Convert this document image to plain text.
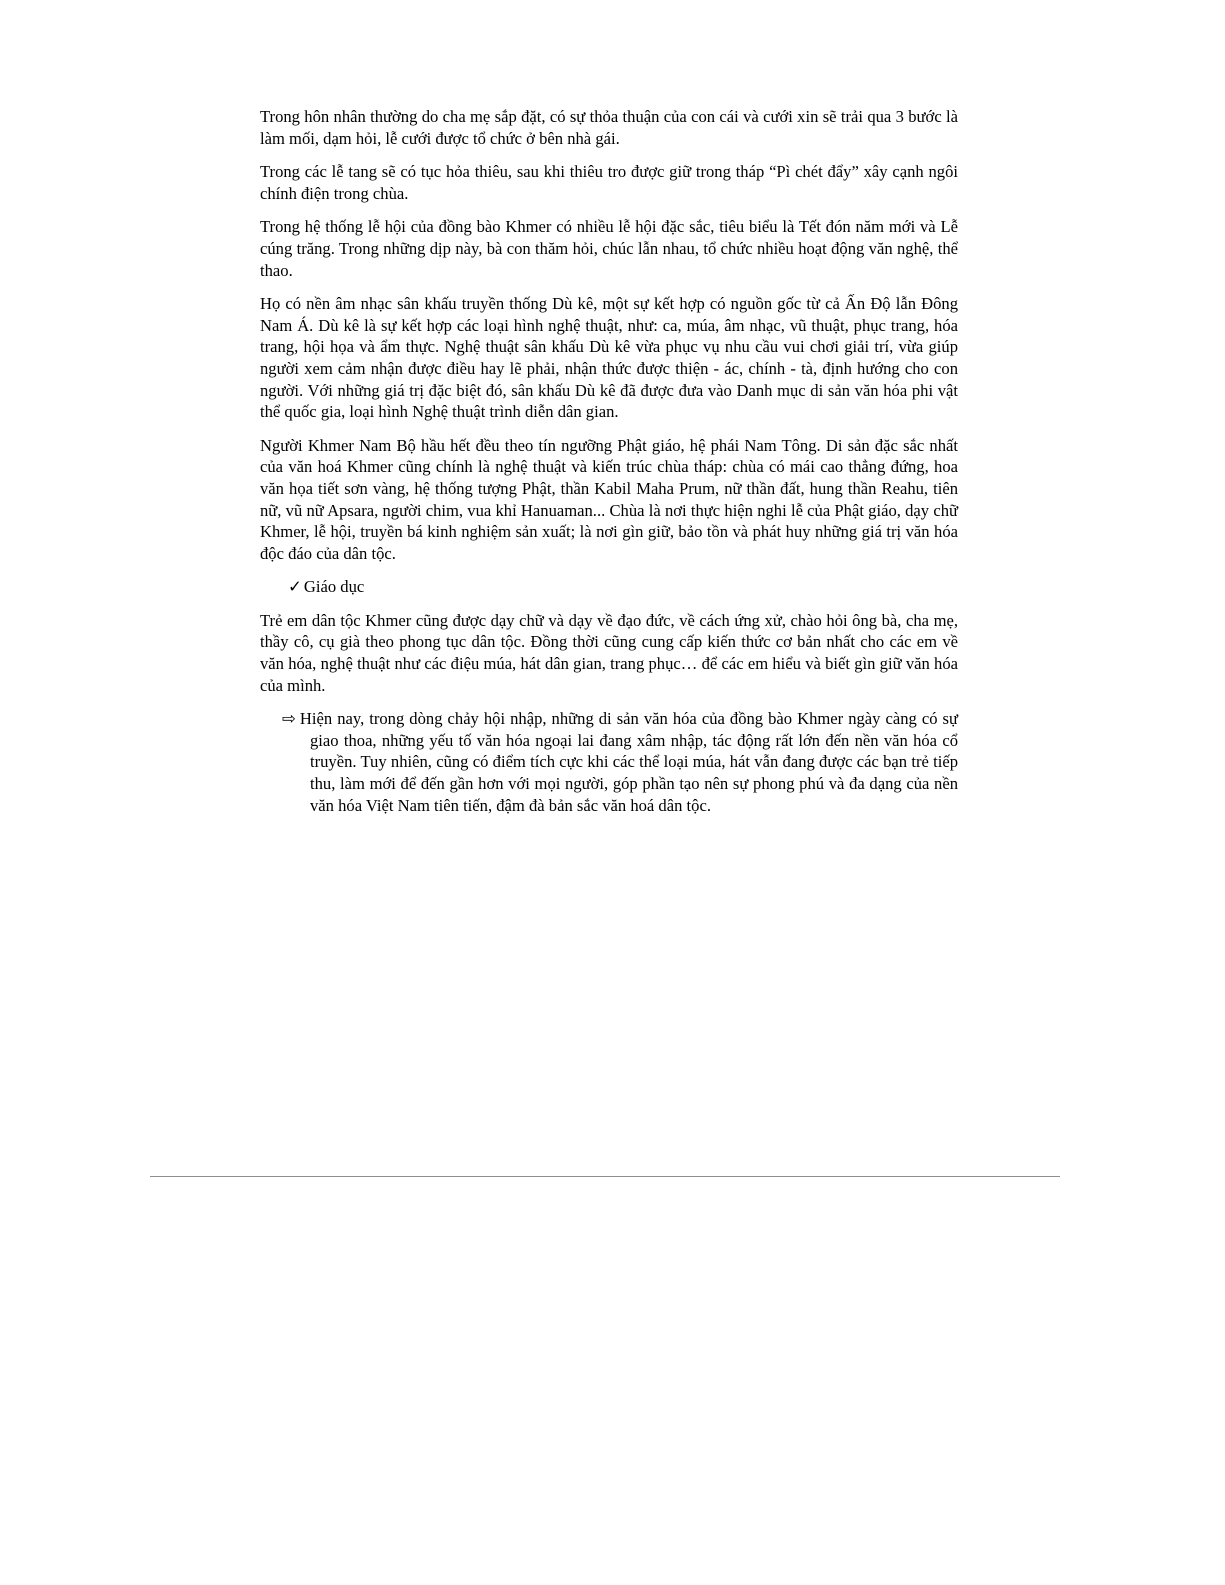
Trong hôn nhân thường do cha mẹ sắp đặt, có sự thỏa thuận của con cái và cưới xin sẽ trải qua 3 bước là làm mối, dạm hỏi, lễ cưới được tổ chức ở bên nhà gái.

Trong các lễ tang sẽ có tục hỏa thiêu, sau khi thiêu tro được giữ trong tháp “Pì chét đẩy” xây cạnh ngôi chính điện trong chùa.

Trong hệ thống lễ hội của đồng bào Khmer có nhiều lễ hội đặc sắc, tiêu biểu là Tết đón năm mới và Lễ cúng trăng. Trong những dịp này, bà con thăm hỏi, chúc lẫn nhau, tổ chức nhiều hoạt động văn nghệ, thể thao.

Họ có nền âm nhạc sân khấu truyền thống Dù kê, một sự kết hợp có nguồn gốc từ cả Ấn Độ lẫn Đông Nam Á. Dù kê là sự kết hợp các loại hình nghệ thuật, như: ca, múa, âm nhạc, vũ thuật, phục trang, hóa trang, hội họa và ẩm thực. Nghệ thuật sân khấu Dù kê vừa phục vụ nhu cầu vui chơi giải trí, vừa giúp người xem cảm nhận được điều hay lẽ phải, nhận thức được thiện - ác, chính - tà, định hướng cho con người. Với những giá trị đặc biệt đó, sân khấu Dù kê đã được đưa vào Danh mục di sản văn hóa phi vật thể quốc gia, loại hình Nghệ thuật trình diễn dân gian.

Người Khmer Nam Bộ hầu hết đều theo tín ngưỡng Phật giáo, hệ phái Nam Tông. Di sản đặc sắc nhất của văn hoá Khmer cũng chính là nghệ thuật và kiến trúc chùa tháp: chùa có mái cao thẳng đứng, hoa văn họa tiết sơn vàng, hệ thống tượng Phật, thần Kabil Maha Prum, nữ thần đất, hung thần Reahu, tiên nữ, vũ nữ Apsara, người chim, vua khỉ Hanuaman... Chùa là nơi thực hiện nghi lễ của Phật giáo, dạy chữ Khmer, lễ hội, truyền bá kinh nghiệm sản xuất; là nơi gìn giữ, bảo tồn và phát huy những giá trị văn hóa độc đáo của dân tộc.

✓ Giáo dục

Trẻ em dân tộc Khmer cũng được dạy chữ và dạy về đạo đức, về cách ứng xử, chào hỏi ông bà, cha mẹ, thầy cô, cụ già theo phong tục dân tộc. Đồng thời cũng cung cấp kiến thức cơ bản nhất cho các em về văn hóa, nghệ thuật như các điệu múa, hát dân gian, trang phục… để các em hiểu và biết gìn giữ văn hóa của mình.

⇨ Hiện nay, trong dòng chảy hội nhập, những di sản văn hóa của đồng bào Khmer ngày càng có sự giao thoa, những yếu tố văn hóa ngoại lai đang xâm nhập, tác động rất lớn đến nền văn hóa cổ truyền. Tuy nhiên, cũng có điểm tích cực khi các thể loại múa, hát vẫn đang được các bạn trẻ tiếp thu, làm mới để đến gần hơn với mọi người, góp phần tạo nên sự phong phú và đa dạng của nền văn hóa Việt Nam tiên tiến, đậm đà bản sắc văn hoá dân tộc.
